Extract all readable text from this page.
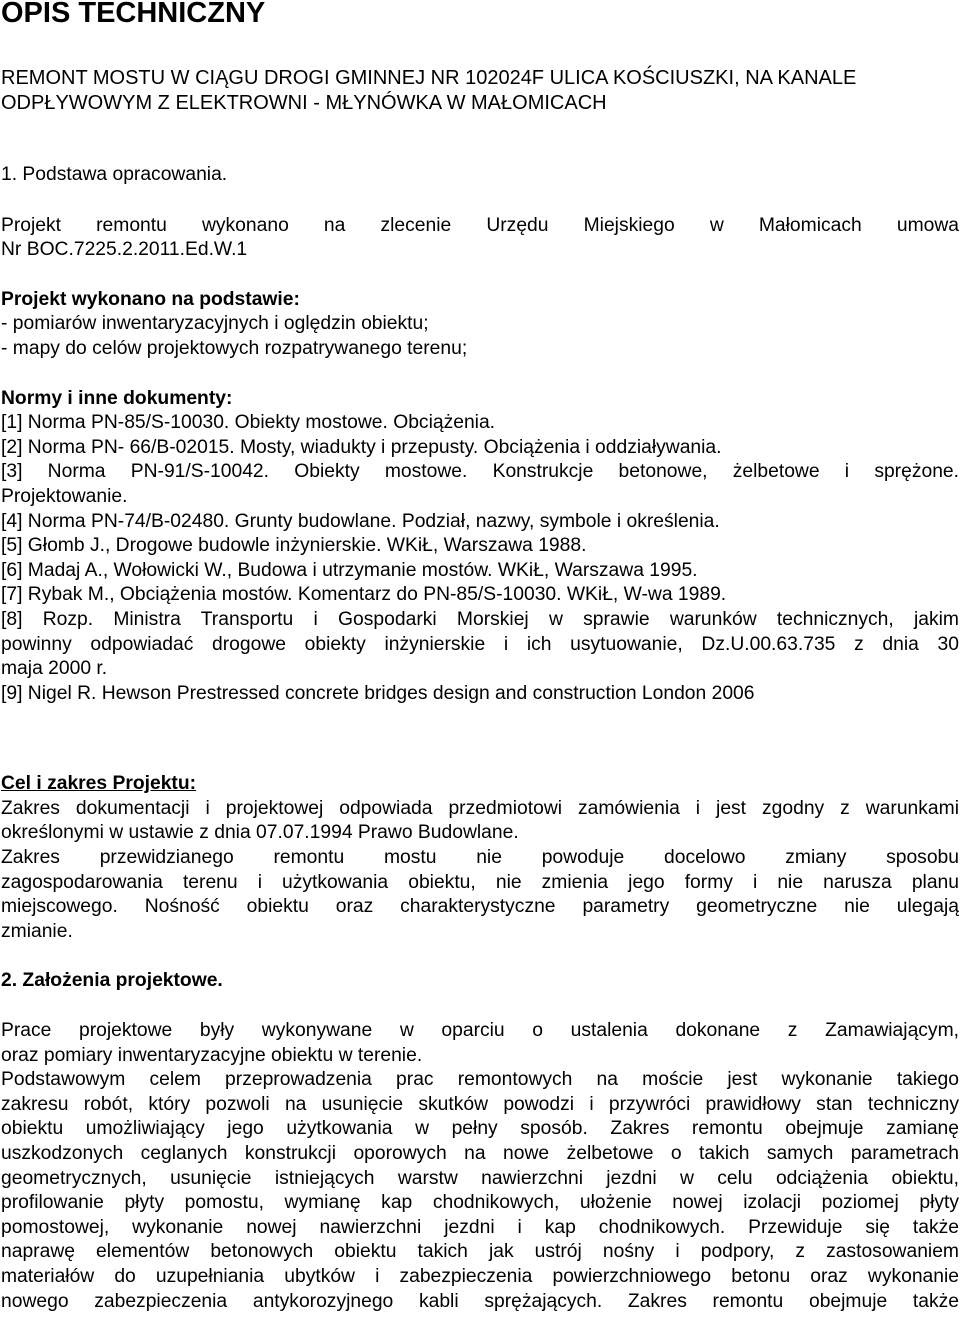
OPIS TECHNICZNY
REMONT MOSTU W CIĄGU DROGI GMINNEJ NR 102024F ULICA KOŚCIUSZKI, NA KANALE
ODPŁYWOWYM Z ELEKTROWNI - MŁYNÓWKA W MAŁOMICACH
1. Podstawa opracowania.
Projekt remontu wykonano na zlecenie Urzędu Miejskiego w Małomicach umowa
Nr BOC.7225.2.2011.Ed.W.1
Projekt wykonano na podstawie:
- pomiarów inwentaryzacyjnych i oględzin obiektu;
- mapy do celów projektowych rozpatrywanego terenu;
Normy i inne dokumenty:
[1] Norma PN-85/S-10030. Obiekty mostowe. Obciążenia.
[2] Norma PN- 66/B-02015. Mosty, wiadukty i przepusty. Obciążenia i oddziaływania.
[3] Norma PN-91/S-10042. Obiekty mostowe. Konstrukcje betonowe, żelbetowe i sprężone.
Projektowanie.
[4] Norma PN-74/B-02480. Grunty budowlane. Podział, nazwy, symbole i określenia.
[5] Głomb J., Drogowe budowle inżynierskie. WKiŁ, Warszawa 1988.
[6] Madaj A., Wołowicki W., Budowa i utrzymanie mostów. WKiŁ, Warszawa 1995.
[7] Rybak M., Obciążenia mostów. Komentarz do PN-85/S-10030. WKiŁ, W-wa 1989.
[8] Rozp. Ministra Transportu i Gospodarki Morskiej w sprawie warunków technicznych, jakim
powinny odpowiadać drogowe obiekty inżynierskie i ich usytuowanie, Dz.U.00.63.735 z dnia 30
maja 2000 r.
[9] Nigel R. Hewson Prestressed concrete bridges design and construction London 2006
Cel i zakres Projektu:
Zakres dokumentacji i projektowej odpowiada przedmiotowi zamówienia i jest zgodny z warunkami
określonymi w ustawie z dnia 07.07.1994 Prawo Budowlane.
Zakres przewidzianego remontu mostu nie powoduje docelowo zmiany sposobu
zagospodarowania terenu i użytkowania obiektu, nie zmienia jego formy i nie narusza planu
miejscowego. Nośność obiektu oraz charakterystyczne parametry geometryczne nie ulegają
zmianie.
2. Założenia projektowe.
Prace projektowe były wykonywane w oparciu o ustalenia dokonane z Zamawiającym,
oraz pomiary inwentaryzacyjne obiektu w terenie.
Podstawowym celem przeprowadzenia prac remontowych na moście jest wykonanie takiego
zakresu robót, który pozwoli na usunięcie skutków powodzi i przywróci prawidłowy stan techniczny
obiektu umożliwiający jego użytkowania w pełny sposób. Zakres remontu obejmuje zamianę
uszkodzonych ceglanych konstrukcji oporowych na nowe żelbetowe o takich samych parametrach
geometrycznych, usunięcie istniejących warstw nawierzchni jezdni w celu odciążenia obiektu,
profilowanie płyty pomostu, wymianę kap chodnikowych, ułożenie nowej izolacji poziomej płyty
pomostowej, wykonanie nowej nawierzchni jezdni i kap chodnikowych. Przewiduje się także
naprawę elementów betonowych obiektu takich jak ustrój nośny i podpory, z zastosowaniem
materiałów do uzupełniania ubytków i zabezpieczenia powierzchniowego betonu oraz wykonanie
nowego zabezpieczenia antykorozyjnego kabli sprężających. Zakres remontu obejmuje także
